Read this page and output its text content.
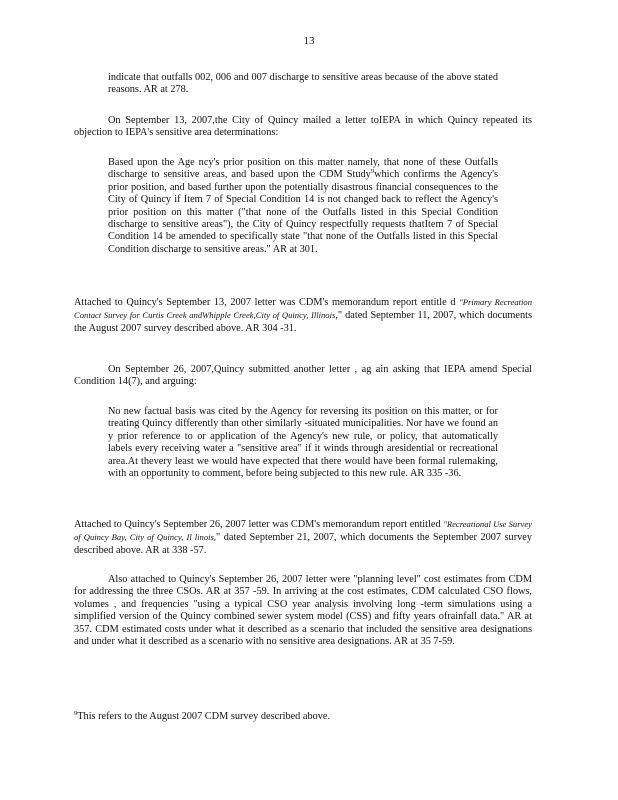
13

indicate that outfalls 002, 006 and 007 discharge to sensitive areas because of the above stated reasons. AR at 278.

On September 13, 2007,the City of Quincy mailed a letter toIEPA in which Quincy repeated its objection to IEPA's sensitive area determinations:

Based upon the Age ncy's prior position on this matter namely, that none of these Outfalls discharge to sensitive areas, and based upon the CDM Study$^9$which confirms the Agency's prior position, and based further upon the potentially disastrous financial consequences to the City of Quincy if Item 7 of Special Condition 14 is not changed back to reflect the Agency's prior position on this matter ("that none of the Outfalls listed in this Special Condition discharge to sensitive areas"), the City of Quincy respectfully requests thatItem 7 of Special Condition 14 be amended to specifically state "that none of the Outfalls listed in this Special Condition discharge to sensitive areas." AR at 301.

Attached to Quincy's September 13, 2007 letter was CDM's memorandum report entitle d "Primary Recreation Contact Survey for Curtis Creek andWhipple Creek,City of Quincy, Illinois," dated September 11, 2007, which documents the August 2007 survey described above. AR 304 -31.

On September 26, 2007,Quincy submitted another letter , ag ain asking that IEPA amend Special Condition 14(7), and arguing:

No new factual basis was cited by the Agency for reversing its position on this matter, or for treating Quincy differently than other similarly -situated municipalities. Nor have we found an y prior reference to or application of the Agency's new rule, or policy, that automatically labels every receiving water a "sensitive area" if it winds through aresidential or recreational area.At thevery least we would have expected that there would have been formal rulemaking, with an opportunity to comment, before being subjected to this new rule. AR 335 -36.

Attached to Quincy's September 26, 2007 letter was CDM's memorandum report entitled "Recreational Use Survey of Quincy Bay, City of Quincy, Il linois," dated September 21, 2007, which documents the September 2007 survey described above. AR at 338 -57.

Also attached to Quincy's September 26, 2007 letter were "planning level" cost estimates from CDM for addressing the three CSOs. AR at 357 -59. In arriving at the cost estimates, CDM calculated CSO flows, volumes , and frequencies "using a typical CSO year analysis involving long -term simulations using a simplified version of the Quincy combined sewer system model (CSS) and fifty years ofrainfall data." AR at 357. CDM estimated costs under what it described as a scenario that included the sensitive area designations and under what it described as a scenario with no sensitive area designations. AR at 35 7-59.

$^9$This refers to the August 2007 CDM survey described above.
